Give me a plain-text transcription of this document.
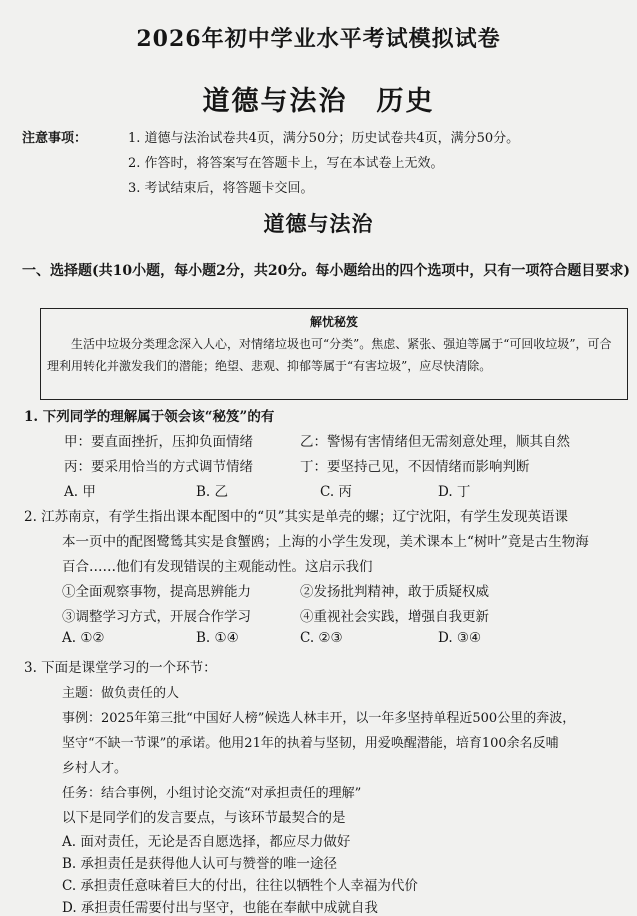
2026年初中学业水平考试模拟试卷
道德与法治　历史
注意事项：	1. 道德与法治试卷共4页，满分50分；历史试卷共4页，满分50分。
2. 作答时，将答案写在答题卡上，写在本试卷上无效。
3. 考试结束后，将答题卡交回。
道德与法治
一、选择题(共10小题，每小题2分，共20分。每小题给出的四个选项中，只有一项符合题目要求)
解忧秘笈
生活中垃圾分类理念深入人心，对情绪垃圾也可“分类”。焦虑、紧张、强迫等属于“可回收垃圾”，可合理利用转化并激发我们的潜能；绝望、悲观、抑郁等属于“有害垃圾”，应尽快清除。
1. 下列同学的理解属于领会该“秘笈”的有
甲：要直面挫折，压抑负面情绪	乙：警惕有害情绪但无需刻意处理，顺其自然
丙：要采用恰当的方式调节情绪	丁：要坚持己见，不因情绪而影响判断
A. 甲	B. 乙	C. 丙	D. 丁
2. 江苏南京，有学生指出课本配图中的“贝”其实是单壳的螺；辽宁沈阳，有学生发现英语课
本一页中的配图鹭鸶其实是食蟹鸥；上海的小学生发现，美术课本上“树叶”竟是古生物海
百合……他们有发现错误的主观能动性。这启示我们
①全面观察事物，提高思辨能力	②发扬批判精神，敢于质疑权威
③调整学习方式，开展合作学习	④重视社会实践，增强自我更新
A. ①②	B. ①④	C. ②③	D. ③④
3. 下面是课堂学习的一个环节：
主题：做负责任的人
事例：2025年第三批“中国好人榜”候选人林丰开，以一年多坚持单程近500公里的奔波，
坚守“不缺一节课”的承诺。他用21年的执着与坚韧，用爱唤醒潜能，培育100余名反哺
乡村人才。
任务：结合事例，小组讨论交流“对承担责任的理解”
以下是同学们的发言要点，与该环节最契合的是
A. 面对责任，无论是否自愿选择，都应尽力做好
B. 承担责任是获得他人认可与赞誉的唯一途径
C. 承担责任意味着巨大的付出，往往以牺牲个人幸福为代价
D. 承担责任需要付出与坚守，也能在奉献中成就自我
